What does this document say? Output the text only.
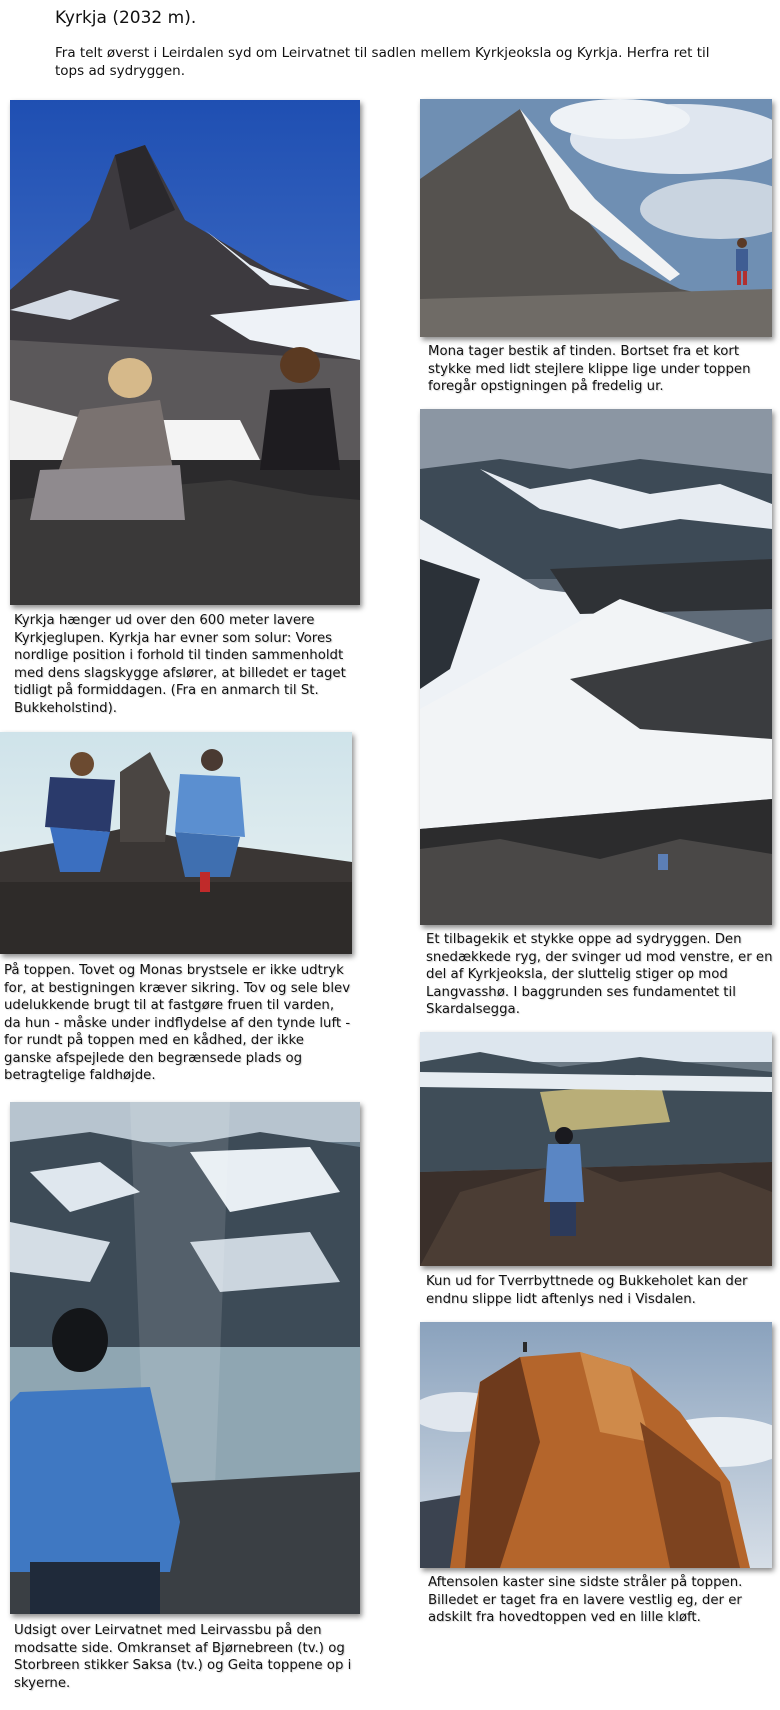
Kyrkja (2032 m).
Fra telt øverst i Leirdalen syd om Leirvatnet til sadlen mellem Kyrkjeoksla og Kyrkja. Herfra ret til tops ad sydryggen.
Kyrkja hænger ud over den 600 meter lavere Kyrkjeglupen. Kyrkja har evner som solur: Vores nordlige position i forhold til tinden sammenholdt med dens slagskygge afslører, at billedet er taget tidligt på formiddagen. (Fra en anmarch til St. Bukkeholstind).
Mona tager bestik af tinden. Bortset fra et kort stykke med lidt stejlere klippe lige under toppen foregår opstigningen på fredelig ur.
Et tilbagekik et stykke oppe ad sydryggen. Den snedækkede ryg, der svinger ud mod venstre, er en del af Kyrkjeoksla, der sluttelig stiger op mod Langvasshø. I baggrunden ses fundamentet til Skardalsegga.
På toppen. Tovet og Monas brystsele er ikke udtryk for, at bestigningen kræver sikring. Tov og sele blev udelukkende brugt til at fastgøre fruen til varden, da hun - måske under indflydelse af den tynde luft - for rundt på toppen med en kådhed, der ikke ganske afspejlede den begrænsede plads og betragtelige faldhøjde.
Kun ud for Tverrbyttnede og Bukkeholet kan der endnu slippe lidt aftenlys ned i Visdalen.
Udsigt over Leirvatnet med Leirvassbu på den modsatte side. Omkranset af Bjørnebreen (tv.) og Storbreen stikker Saksa (tv.) og Geita toppene op i skyerne.
Aftensolen kaster sine sidste stråler på toppen. Billedet er taget fra en lavere vestlig eg, der er adskilt fra hovedtoppen ved en lille kløft.
